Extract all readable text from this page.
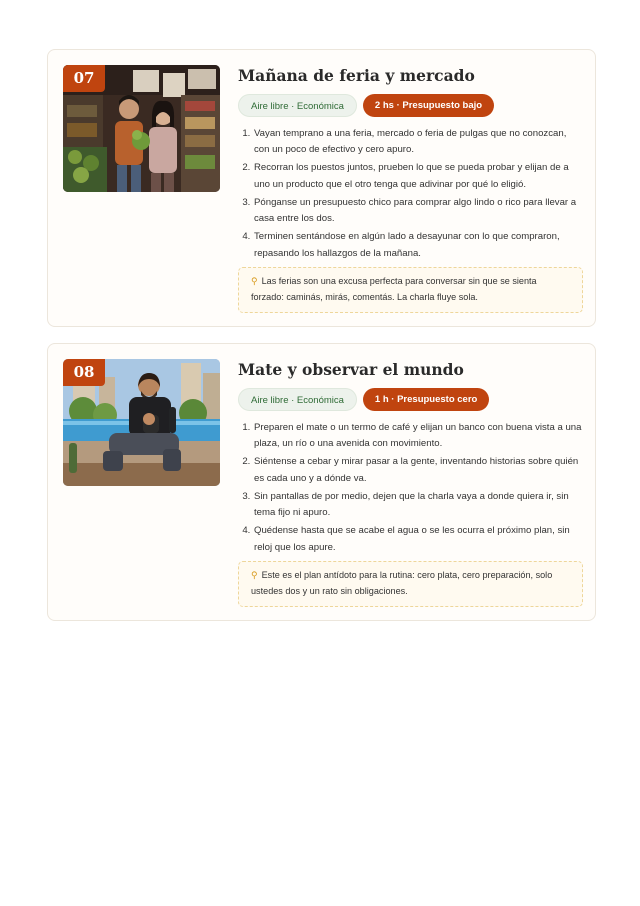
07	Mañana de feria y mercado
Aire libre · Económica	2 hs · Presupuesto bajo
1. Vayan temprano a una feria, mercado o feria de pulgas que no conozcan, con un poco de efectivo y cero apuro.
2. Recorran los puestos juntos, prueben lo que se pueda probar y elijan de a uno un producto que el otro tenga que adivinar por qué lo eligió.
3. Pónganse un presupuesto chico para comprar algo lindo o rico para llevar a casa entre los dos.
4. Terminen sentándose en algún lado a desayunar con lo que compraron, repasando los hallazgos de la mañana.
⚲ Las ferias son una excusa perfecta para conversar sin que se sienta forzado: caminás, mirás, comentás. La charla fluye sola.
08	Mate y observar el mundo
Aire libre · Económica	1 h · Presupuesto cero
1. Preparen el mate o un termo de café y elijan un banco con buena vista a una plaza, un río o una avenida con movimiento.
2. Siéntense a cebar y mirar pasar a la gente, inventando historias sobre quién es cada uno y a dónde va.
3. Sin pantallas de por medio, dejen que la charla vaya a donde quiera ir, sin tema fijo ni apuro.
4. Quédense hasta que se acabe el agua o se les ocurra el próximo plan, sin reloj que los apure.
⚲ Este es el plan antídoto para la rutina: cero plata, cero preparación, solo ustedes dos y un rato sin obligaciones.
